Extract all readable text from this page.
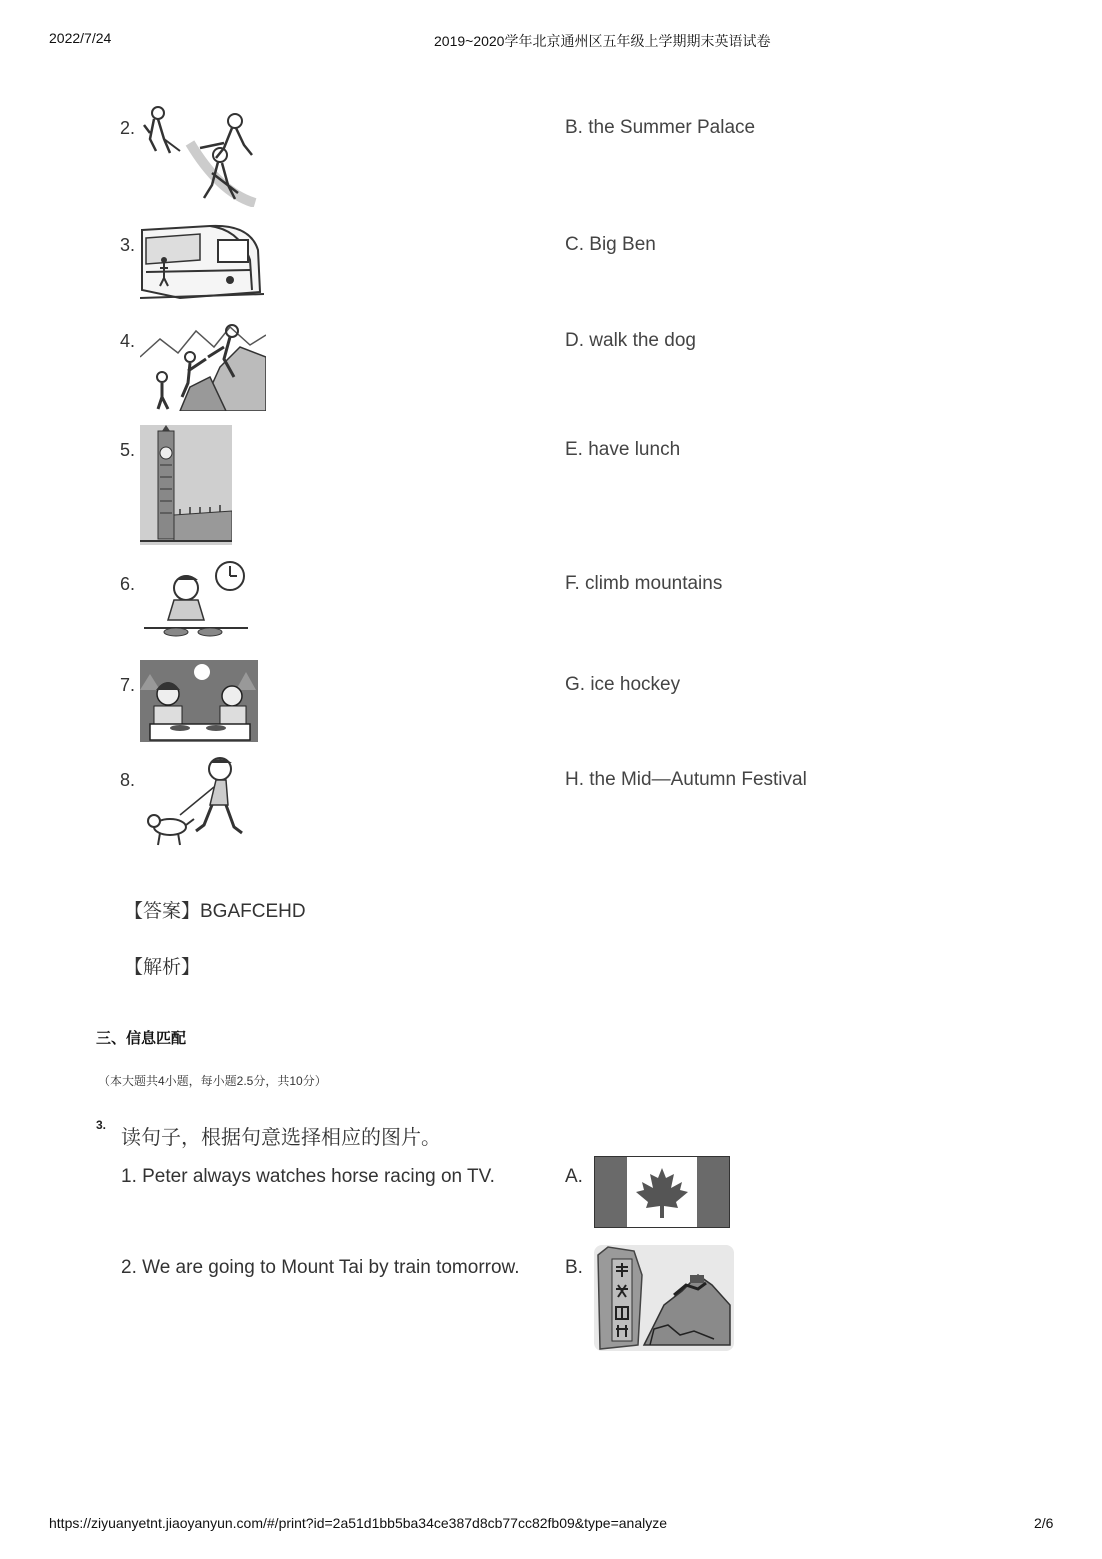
2022/7/24	2019~2020学年北京通州区五年级上学期期末英语试卷
2.
3.
4.
5.
6.
7.
8.
B. the Summer Palace
C. Big Ben
D. walk the dog
E. have lunch
F. climb mountains
G. ice hockey
H. the Mid—Autumn Festival
【答案】BGAFCEHD
【解析】
三、信息匹配
（本大题共4小题，每小题2.5分，共10分）
3.
读句子，根据句意选择相应的图片。
1. Peter always watches horse racing on TV.
2. We are going to Mount Tai by train tomorrow.
A.
B.
https://ziyuanyetnt.jiaoyanyun.com/#/print?id=2a51d1bb5ba34ce387d8cb77cc82fb09&type=analyze	2/6
